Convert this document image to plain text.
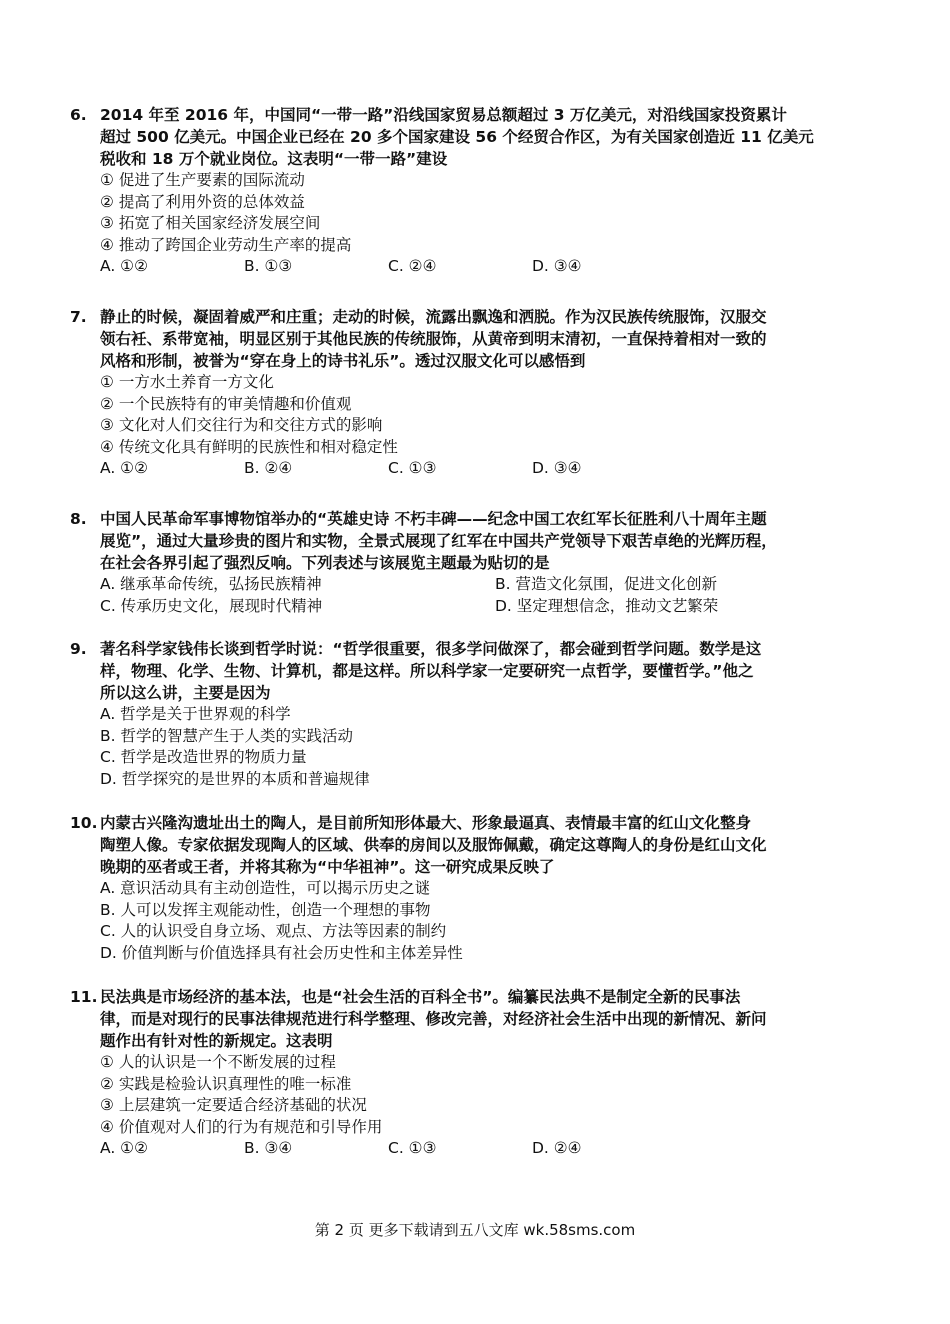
6. 2014 年至 2016 年，中国同“一带一路”沿线国家贸易总额超过 3 万亿美元，对沿线国家投资累计
超过 500 亿美元。中国企业已经在 20 多个国家建设 56 个经贸合作区，为有关国家创造近 11 亿美元
税收和 18 万个就业岗位。这表明“一带一路”建设
① 促进了生产要素的国际流动
② 提高了利用外资的总体效益
③ 拓宽了相关国家经济发展空间
④ 推动了跨国企业劳动生产率的提高
A. ①②	B. ①③	C. ②④	D. ③④
7. 静止的时候，凝固着威严和庄重；走动的时候，流露出飘逸和洒脱。作为汉民族传统服饰，汉服交
领右衽、系带宽袖，明显区别于其他民族的传统服饰，从黄帝到明末清初，一直保持着相对一致的
风格和形制，被誉为“穿在身上的诗书礼乐”。透过汉服文化可以感悟到
① 一方水土养育一方文化
② 一个民族特有的审美情趣和价值观
③ 文化对人们交往行为和交往方式的影响
④ 传统文化具有鲜明的民族性和相对稳定性
A. ①②	B. ②④	C. ①③	D. ③④
8. 中国人民革命军事博物馆举办的“英雄史诗 不朽丰碑——纪念中国工农红军长征胜利八十周年主题
展览”，通过大量珍贵的图片和实物，全景式展现了红军在中国共产党领导下艰苦卓绝的光辉历程，
在社会各界引起了强烈反响。下列表述与该展览主题最为贴切的是
A. 继承革命传统，弘扬民族精神	B. 营造文化氛围，促进文化创新
C. 传承历史文化，展现时代精神	D. 坚定理想信念，推动文艺繁荣
9. 著名科学家钱伟长谈到哲学时说：“哲学很重要，很多学问做深了，都会碰到哲学问题。数学是这
样，物理、化学、生物、计算机，都是这样。所以科学家一定要研究一点哲学，要懂哲学。”他之
所以这么讲，主要是因为
A. 哲学是关于世界观的科学
B. 哲学的智慧产生于人类的实践活动
C. 哲学是改造世界的物质力量
D. 哲学探究的是世界的本质和普遍规律
10. 内蒙古兴隆沟遗址出土的陶人，是目前所知形体最大、形象最逼真、表情最丰富的红山文化整身
陶塑人像。专家依据发现陶人的区域、供奉的房间以及服饰佩戴，确定这尊陶人的身份是红山文化
晚期的巫者或王者，并将其称为“中华祖神”。这一研究成果反映了
A. 意识活动具有主动创造性，可以揭示历史之谜
B. 人可以发挥主观能动性，创造一个理想的事物
C. 人的认识受自身立场、观点、方法等因素的制约
D. 价值判断与价值选择具有社会历史性和主体差异性
11. 民法典是市场经济的基本法，也是“社会生活的百科全书”。编纂民法典不是制定全新的民事法
律，而是对现行的民事法律规范进行科学整理、修改完善，对经济社会生活中出现的新情况、新问
题作出有针对性的新规定。这表明
① 人的认识是一个不断发展的过程
② 实践是检验认识真理性的唯一标准
③ 上层建筑一定要适合经济基础的状况
④ 价值观对人们的行为有规范和引导作用
A. ①②	B. ③④	C. ①③	D. ②④
第 2 页 更多下载请到五八文库 wk.58sms.com
